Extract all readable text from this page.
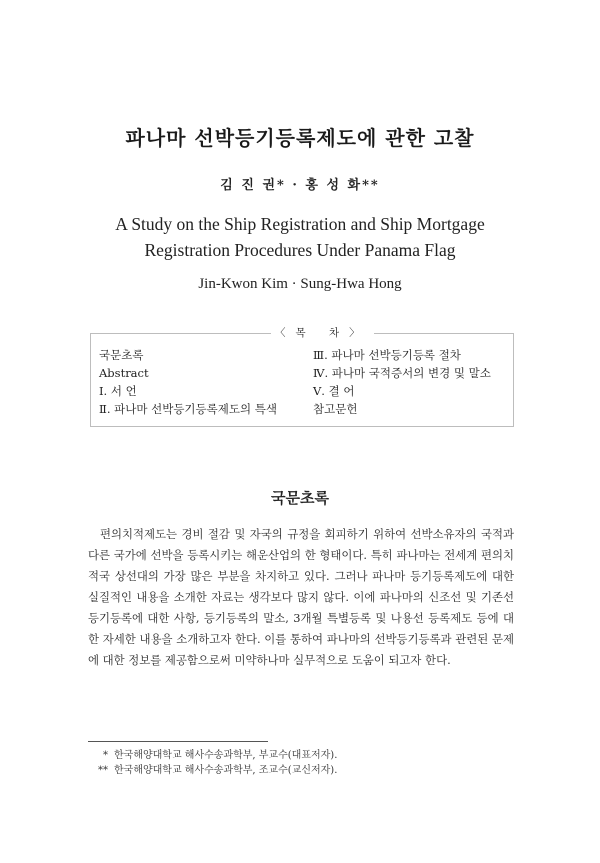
파나마 선박등기등록제도에 관한 고찰
김 진 권* · 홍 성 화**
A Study on the Ship Registration and Ship Mortgage
Registration Procedures Under Panama Flag
Jin-Kwon Kim · Sung-Hwa Hong
〈목 차〉
국문초록
Abstract
Ⅰ. 서 언
Ⅱ. 파나마 선박등기등록제도의 특색
Ⅲ. 파나마 선박등기등록 절차
Ⅳ. 파나마 국적증서의 변경 및 말소
Ⅴ. 결 어
참고문헌
국문초록

편의치적제도는 경비 절감 및 자국의 규정을 회피하기 위하여 선박소유자의 국적과 다른 국가에 선박을 등록시키는 해운산업의 한 형태이다. 특히 파나마는 전세계 편의치적국 상선대의 가장 많은 부분을 차지하고 있다. 그러나 파나마 등기등록제도에 대한 실질적인 내용을 소개한 자료는 생각보다 많지 않다. 이에 파나마의 신조선 및 기존선 등기등록에 대한 사항, 등기등록의 말소, 3개월 특별등록 및 나용선 등록제도 등에 대한 자세한 내용을 소개하고자 한다. 이를 통하여 파나마의 선박등기등록과 관련된 문제에 대한 정보를 제공함으로써 미약하나마 실무적으로 도움이 되고자 한다.

* 한국해양대학교 해사수송과학부, 부교수(대표저자).
** 한국해양대학교 해사수송과학부, 조교수(교신저자).
